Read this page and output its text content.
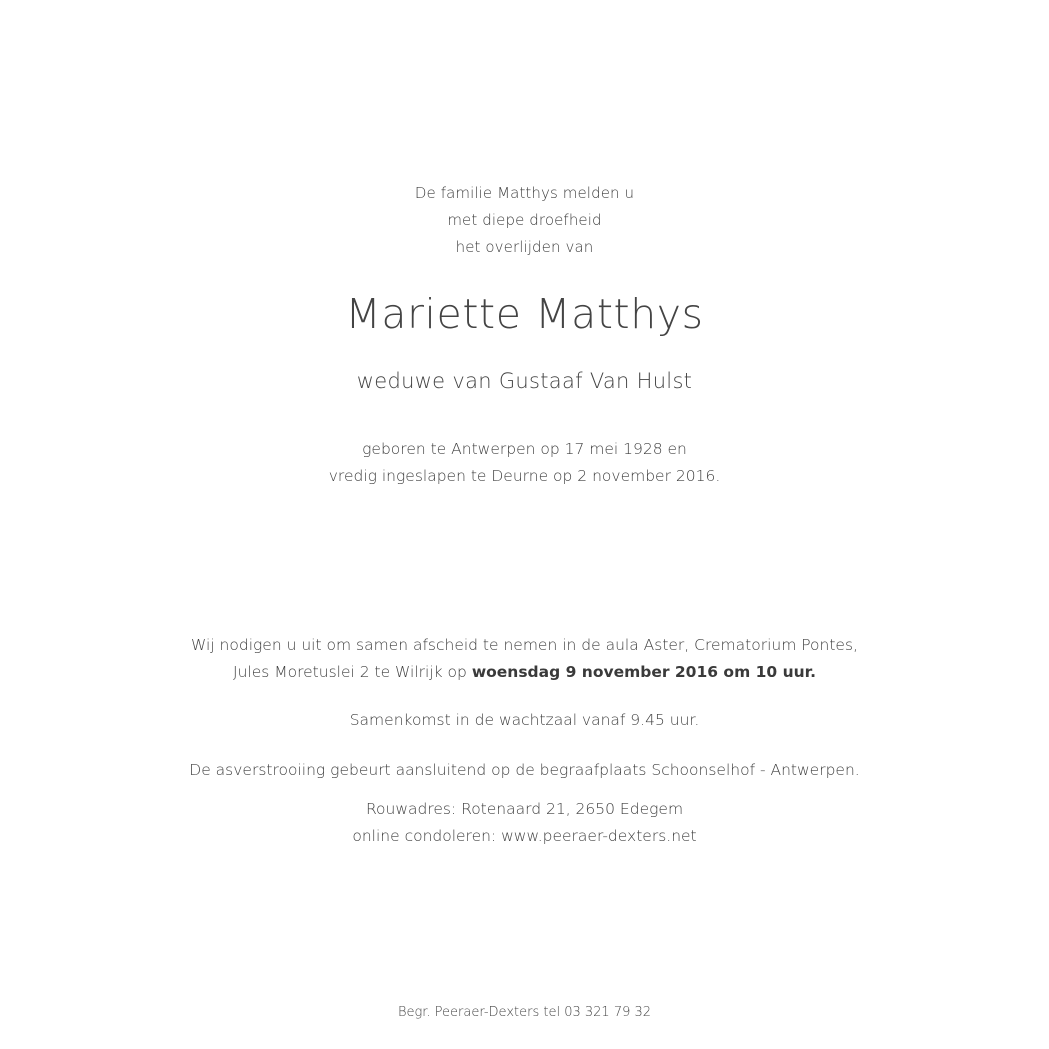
De familie Matthys melden u
met diepe droefheid
het overlijden van
Mariette Matthys
weduwe van Gustaaf Van Hulst
geboren te Antwerpen op 17 mei 1928 en
vredig ingeslapen te Deurne op 2 november 2016.
Wij nodigen u uit om samen afscheid te nemen in de aula Aster, Crematorium Pontes,
Jules Moretuslei 2 te Wilrijk op woensdag 9 november 2016 om 10 uur.
Samenkomst in de wachtzaal vanaf 9.45 uur.
De asverstrooiing gebeurt aansluitend op de begraafplaats Schoonselhof - Antwerpen.
Rouwadres: Rotenaard 21, 2650 Edegem
online condoleren: www.peeraer-dexters.net
Begr. Peeraer-Dexters tel 03 321 79 32
